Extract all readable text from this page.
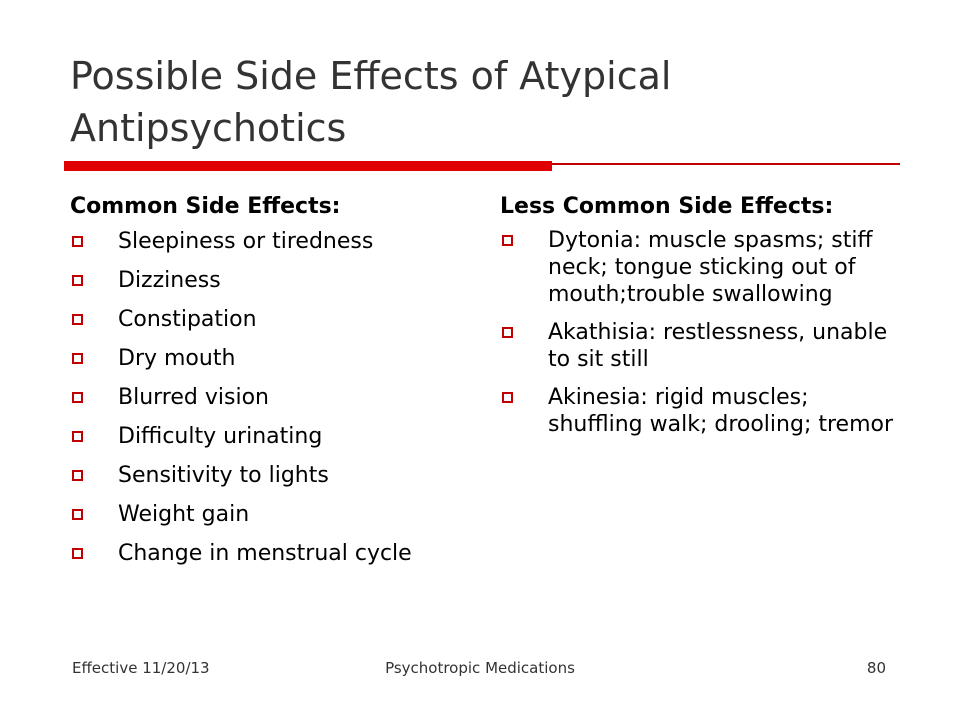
Possible Side Effects of Atypical Antipsychotics
Common Side Effects:
Sleepiness or tiredness
Dizziness
Constipation
Dry mouth
Blurred vision
Difficulty urinating
Sensitivity to lights
Weight gain
Change in menstrual cycle
Less Common Side Effects:
Dytonia: muscle spasms; stiff neck; tongue sticking out of mouth;trouble swallowing
Akathisia: restlessness, unable to sit still
Akinesia: rigid muscles; shuffling walk; drooling; tremor
Effective 11/20/13	Psychotropic Medications	80
